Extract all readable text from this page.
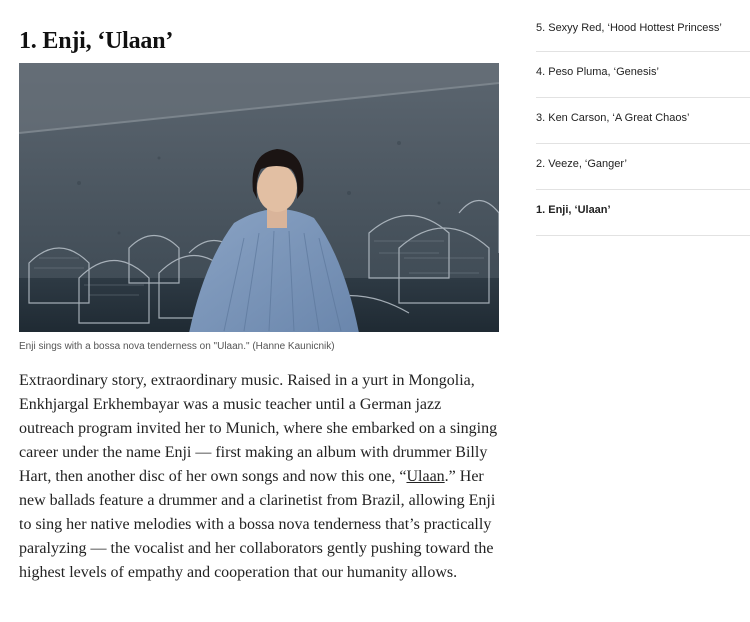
1. Enji, ‘Ulaan’
Enji sings with a bossa nova tenderness on "Ulaan." (Hanne Kaunicnik)

Extraordinary story, extraordinary music. Raised in a yurt in Mongolia, Enkhjargal Erkhembayar was a music teacher until a German jazz outreach program invited her to Munich, where she embarked on a singing career under the name Enji — first making an album with drummer Billy Hart, then another disc of her own songs and now this one, “Ulaan.” Her new ballads feature a drummer and a clarinetist from Brazil, allowing Enji to sing her native melodies with a bossa nova tenderness that’s practically paralyzing — the vocalist and her collaborators gently pushing toward the highest levels of empathy and cooperation that our humanity allows.

5. Sexyy Red, ‘Hood Hottest Princess’
4. Peso Pluma, ‘Genesis’
3. Ken Carson, ‘A Great Chaos’
2. Veeze, ‘Ganger’
1. Enji, ‘Ulaan’
